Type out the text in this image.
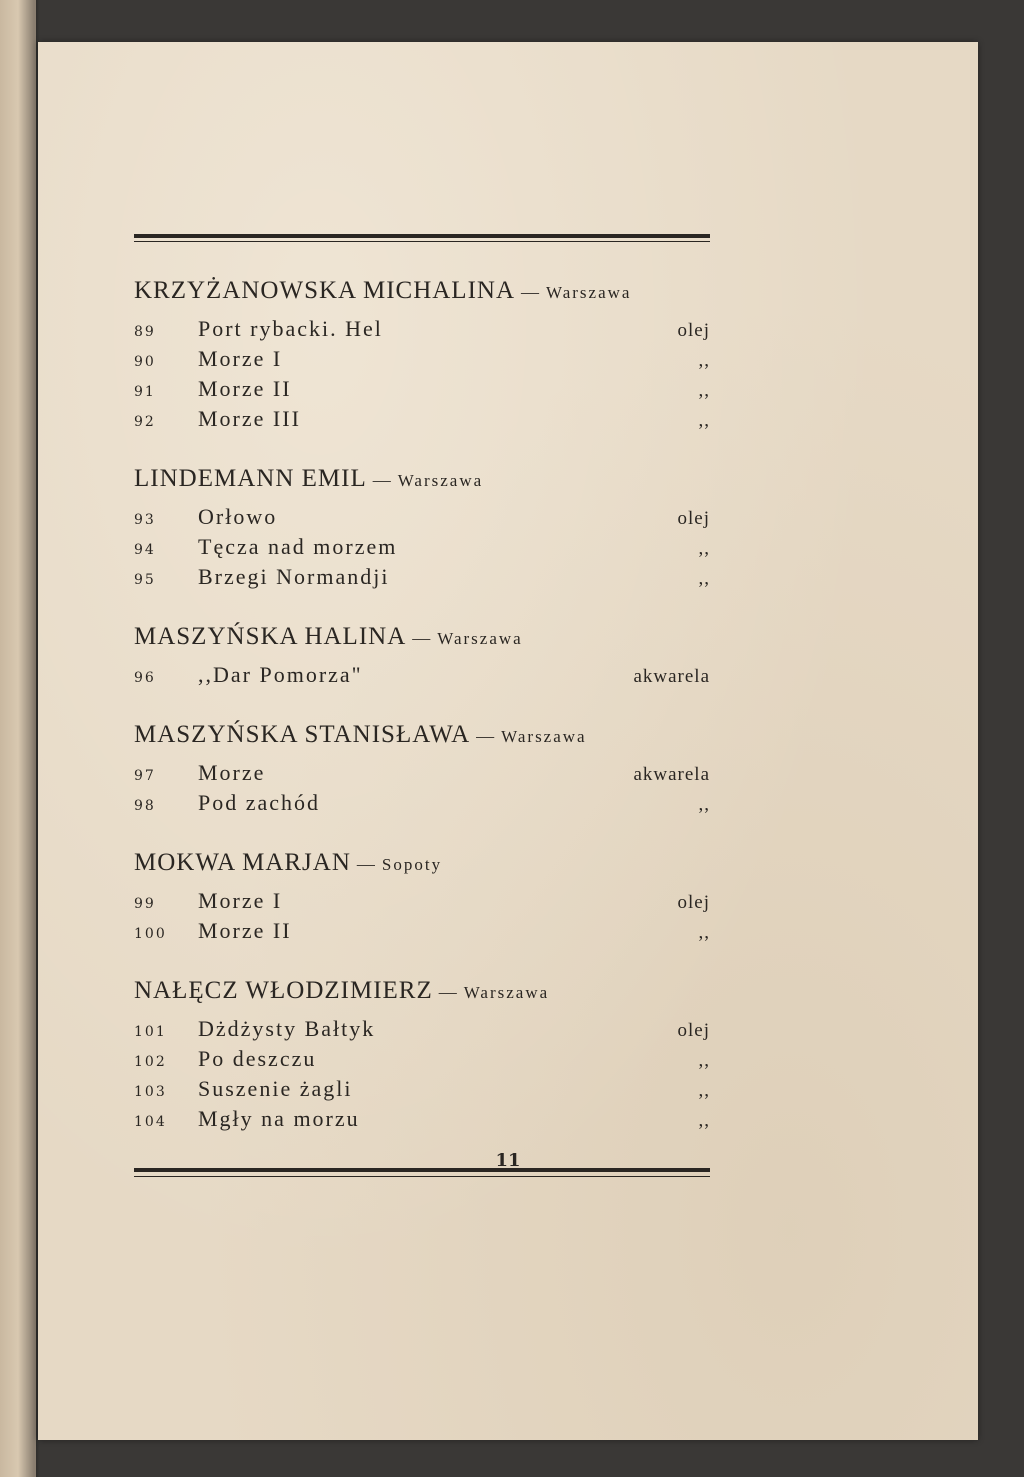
KRZYŻANOWSKA MICHALINA — Warszawa
89	Port rybacki. Hel	olej
90	Morze I	,,
91	Morze II	,,
92	Morze III	,,
LINDEMANN EMIL — Warszawa
93	Orłowo	olej
94	Tęcza nad morzem	,,
95	Brzegi Normandji	,,
MASZYŃSKA HALINA — Warszawa
96	,,Dar Pomorza"	akwarela
MASZYŃSKA STANISŁAWA — Warszawa
97	Morze	akwarela
98	Pod zachód	,,
MOKWA MARJAN — Sopoty
99	Morze I	olej
100	Morze II	,,
NAŁĘCZ WŁODZIMIERZ — Warszawa
101	Dżdżysty Bałtyk	olej
102	Po deszczu	,,
103	Suszenie żagli	,,
104	Mgły na morzu	,,
11
